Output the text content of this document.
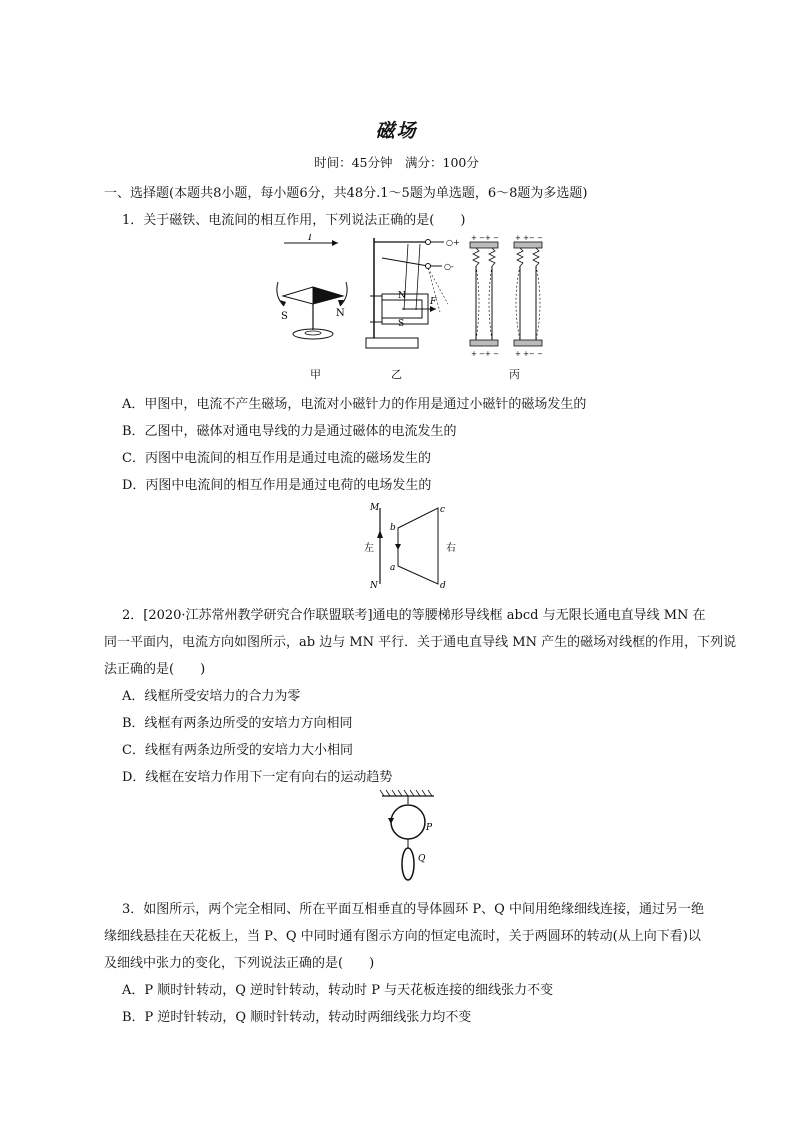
磁场
时间：45分钟　满分：100分
一、选择题(本题共8小题，每小题6分，共48分.1～5题为单选题，6～8题为多选题)
1．关于磁铁、电流间的相互作用，下列说法正确的是(　　)
I
S	N
○+
○-
N
S
F
+ − + − + + − −
+ − + − + + − −
甲	乙	丙
A．甲图中，电流不产生磁场，电流对小磁针力的作用是通过小磁针的磁场发生的
B．乙图中，磁体对通电导线的力是通过磁体的电流发生的
C．丙图中电流间的相互作用是通过电流的磁场发生的
D．丙图中电流间的相互作用是通过电荷的电场发生的
M
N
左
b
a
c
d
右
2．[2020·江苏常州教学研究合作联盟联考]通电的等腰梯形导线框 abcd 与无限长通电直导线 MN 在
同一平面内，电流方向如图所示，ab 边与 MN 平行．关于通电直导线 MN 产生的磁场对线框的作用，下列说
法正确的是(　　)
A．线框所受安培力的合力为零
B．线框有两条边所受的安培力方向相同
C．线框有两条边所受的安培力大小相同
D．线框在安培力作用下一定有向右的运动趋势
P
Q
3．如图所示，两个完全相同、所在平面互相垂直的导体圆环 P、Q 中间用绝缘细线连接，通过另一绝
缘细线悬挂在天花板上，当 P、Q 中同时通有图示方向的恒定电流时，关于两圆环的转动(从上向下看)以
及细线中张力的变化，下列说法正确的是(　　)
A．P 顺时针转动，Q 逆时针转动，转动时 P 与天花板连接的细线张力不变
B．P 逆时针转动，Q 顺时针转动，转动时两细线张力均不变
